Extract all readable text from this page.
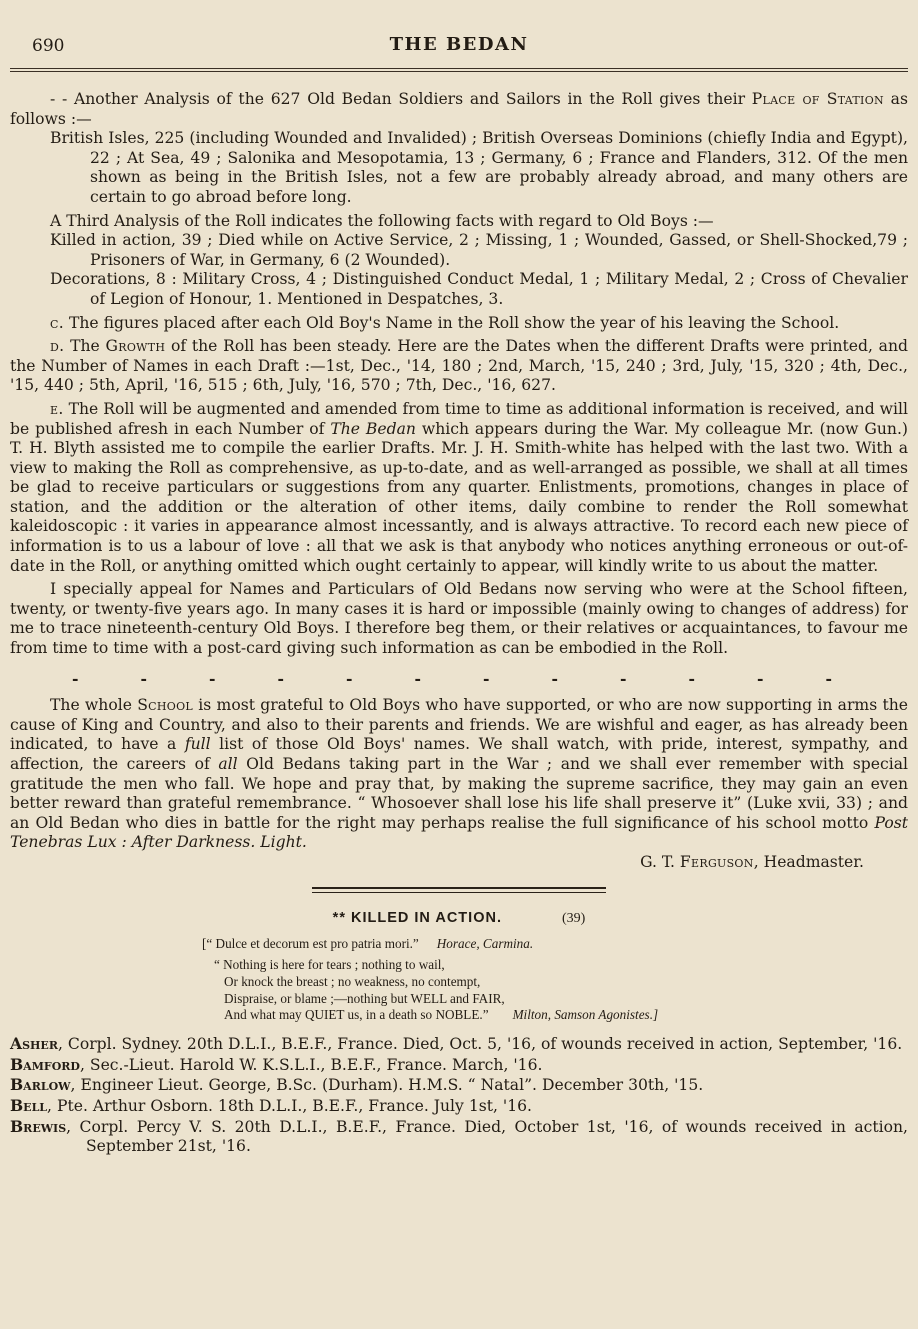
690	THE BEDAN

- - Another Analysis of the 627 Old Bedan Soldiers and Sailors in the Roll gives their Place of Station as follows :—

British Isles, 225 (including Wounded and Invalided) ; British Overseas Dominions (chiefly India and Egypt), 22 ; At Sea, 49 ; Salonika and Mesopotamia, 13 ; Germany, 6 ; France and Flanders, 312. Of the men shown as being in the British Isles, not a few are probably already abroad, and many others are certain to go abroad before long.

A Third Analysis of the Roll indicates the following facts with regard to Old Boys :—

Killed in action, 39 ; Died while on Active Service, 2 ; Missing, 1 ; Wounded, Gassed, or Shell-Shocked,79 ; Prisoners of War, in Germany, 6 (2 Wounded).

Decorations, 8 : Military Cross, 4 ; Distinguished Conduct Medal, 1 ; Military Medal, 2 ; Cross of Chevalier of Legion of Honour, 1. Mentioned in Despatches, 3.

c. The figures placed after each Old Boy's Name in the Roll show the year of his leaving the School.

d. The Growth of the Roll has been steady. Here are the Dates when the different Drafts were printed, and the Number of Names in each Draft :—1st, Dec., '14, 180 ; 2nd, March, '15, 240 ; 3rd, July, '15, 320 ; 4th, Dec., '15, 440 ; 5th, April, '16, 515 ; 6th, July, '16, 570 ; 7th, Dec., '16, 627.

e. The Roll will be augmented and amended from time to time as additional information is received, and will be published afresh in each Number of The Bedan which appears during the War. My colleague Mr. (now Gun.) T. H. Blyth assisted me to compile the earlier Drafts. Mr. J. H. Smith-white has helped with the last two. With a view to making the Roll as comprehensive, as up-to-date, and as well-arranged as possible, we shall at all times be glad to receive particulars or suggestions from any quarter. Enlistments, promotions, changes in place of station, and the addition or the alteration of other items, daily combine to render the Roll somewhat kaleidoscopic : it varies in appearance almost incessantly, and is always attractive. To record each new piece of information is to us a labour of love : all that we ask is that anybody who notices anything erroneous or out-of-date in the Roll, or anything omitted which ought certainly to appear, will kindly write to us about the matter.

I specially appeal for Names and Particulars of Old Bedans now serving who were at the School fifteen, twenty, or twenty-five years ago. In many cases it is hard or impossible (mainly owing to changes of address) for me to trace nineteenth-century Old Boys. I therefore beg them, or their relatives or acquaintances, to favour me from time to time with a post-card giving such information as can be embodied in the Roll.

-	-	-	-	-	-	-	-	-	-	-	-

The whole School is most grateful to Old Boys who have supported, or who are now supporting in arms the cause of King and Country, and also to their parents and friends. We are wishful and eager, as has already been indicated, to have a full list of those Old Boys' names. We shall watch, with pride, interest, sympathy, and affection, the careers of all Old Bedans taking part in the War ; and we shall ever remember with special gratitude the men who fall. We hope and pray that, by making the supreme sacrifice, they may gain an even better reward than grateful remembrance. “ Whosoever shall lose his life shall preserve it” (Luke xvii, 33) ; and an Old Bedan who dies in battle for the right may perhaps realise the full significance of his school motto Post Tenebras Lux : After Darkness. Light.

G. T. Ferguson, Headmaster.

** KILLED IN ACTION.	(39)
[“ Dulce et decorum est pro patria mori.” Horace, Carmina.
“ Nothing is here for tears ; nothing to wail,
Or knock the breast ; no weakness, no contempt,
Dispraise, or blame ;—nothing but WELL and FAIR,
And what may QUIET us, in a death so NOBLE.” Milton, Samson Agonistes.]

Asher, Corpl. Sydney. 20th D.L.I., B.E.F., France. Died, Oct. 5, '16, of wounds received in action, September, '16.

Bamford, Sec.-Lieut. Harold W. K.S.L.I., B.E.F., France. March, '16.

Barlow, Engineer Lieut. George, B.Sc. (Durham). H.M.S. “ Natal”. December 30th, '15.

Bell, Pte. Arthur Osborn. 18th D.L.I., B.E.F., France. July 1st, '16.

Brewis, Corpl. Percy V. S. 20th D.L.I., B.E.F., France. Died, October 1st, '16, of wounds received in action, September 21st, '16.
